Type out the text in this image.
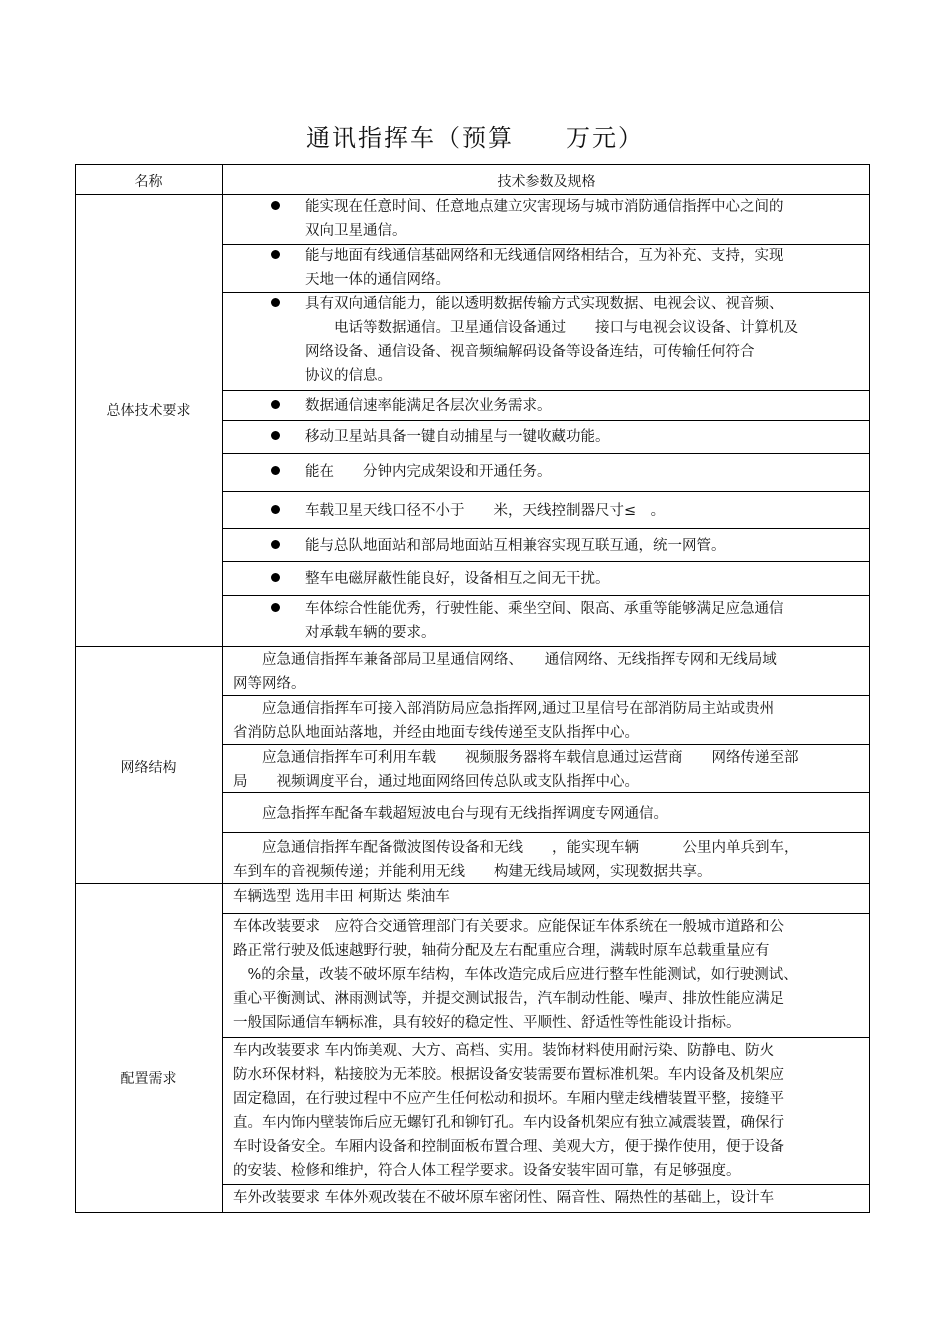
通讯指挥车（预算　　万元）
名称	技术参数及规格
总体技术要求
能实现在任意时间、任意地点建立灾害现场与城市消防通信指挥中心之间的
双向卫星通信。
能与地面有线通信基础网络和无线通信网络相结合，互为补充、支持，实现
天地一体的通信网络。
具有双向通信能力，能以透明数据传输方式实现数据、电视会议、视音频、
　　电话等数据通信。卫星通信设备通过　　接口与电视会议设备、计算机及
网络设备、通信设备、视音频编解码设备等设备连结，可传输任何符合
协议的信息。
数据通信速率能满足各层次业务需求。
移动卫星站具备一键自动捕星与一键收藏功能。
能在　　分钟内完成架设和开通任务。
车载卫星天线口径不小于　　米，天线控制器尺寸≤　。
能与总队地面站和部局地面站互相兼容实现互联互通，统一网管。
整车电磁屏蔽性能良好，设备相互之间无干扰。
车体综合性能优秀，行驶性能、乘坐空间、限高、承重等能够满足应急通信
对承载车辆的要求。
网络结构
　　应急通信指挥车兼备部局卫星通信网络、　　通信网络、无线指挥专网和无线局域
网等网络。
　　应急通信指挥车可接入部消防局应急指挥网,通过卫星信号在部消防局主站或贵州
省消防总队地面站落地，并经由地面专线传递至支队指挥中心。
　　应急通信指挥车可利用车载　　视频服务器将车载信息通过运营商　　网络传递至部
局　　视频调度平台，通过地面网络回传总队或支队指挥中心。
　　应急指挥车配备车载超短波电台与现有无线指挥调度专网通信。
　　应急通信指挥车配备微波图传设备和无线　　，能实现车辆　　　公里内单兵到车，
车到车的音视频传递；并能利用无线　　构建无线局域网，实现数据共享。
配置需求
车辆选型 选用丰田 柯斯达 柴油车
车体改装要求　应符合交通管理部门有关要求。应能保证车体系统在一般城市道路和公
路正常行驶及低速越野行驶，轴荷分配及左右配重应合理，满载时原车总载重量应有
　%的余量，改装不破坏原车结构，车体改造完成后应进行整车性能测试，如行驶测试、
重心平衡测试、淋雨测试等，并提交测试报告，汽车制动性能、噪声、排放性能应满足
一般国际通信车辆标准，具有较好的稳定性、平顺性、舒适性等性能设计指标。
车内改装要求 车内饰美观、大方、高档、实用。装饰材料使用耐污染、防静电、防火
防水环保材料，粘接胶为无苯胶。根据设备安装需要布置标准机架。车内设备及机架应
固定稳固，在行驶过程中不应产生任何松动和损坏。车厢内壁走线槽装置平整，接缝平
直。车内饰内壁装饰后应无螺钉孔和铆钉孔。车内设备机架应有独立减震装置，确保行
车时设备安全。车厢内设备和控制面板布置合理、美观大方，便于操作使用，便于设备
的安装、检修和维护，符合人体工程学要求。设备安装牢固可靠，有足够强度。
车外改装要求 车体外观改装在不破坏原车密闭性、隔音性、隔热性的基础上，设计车
